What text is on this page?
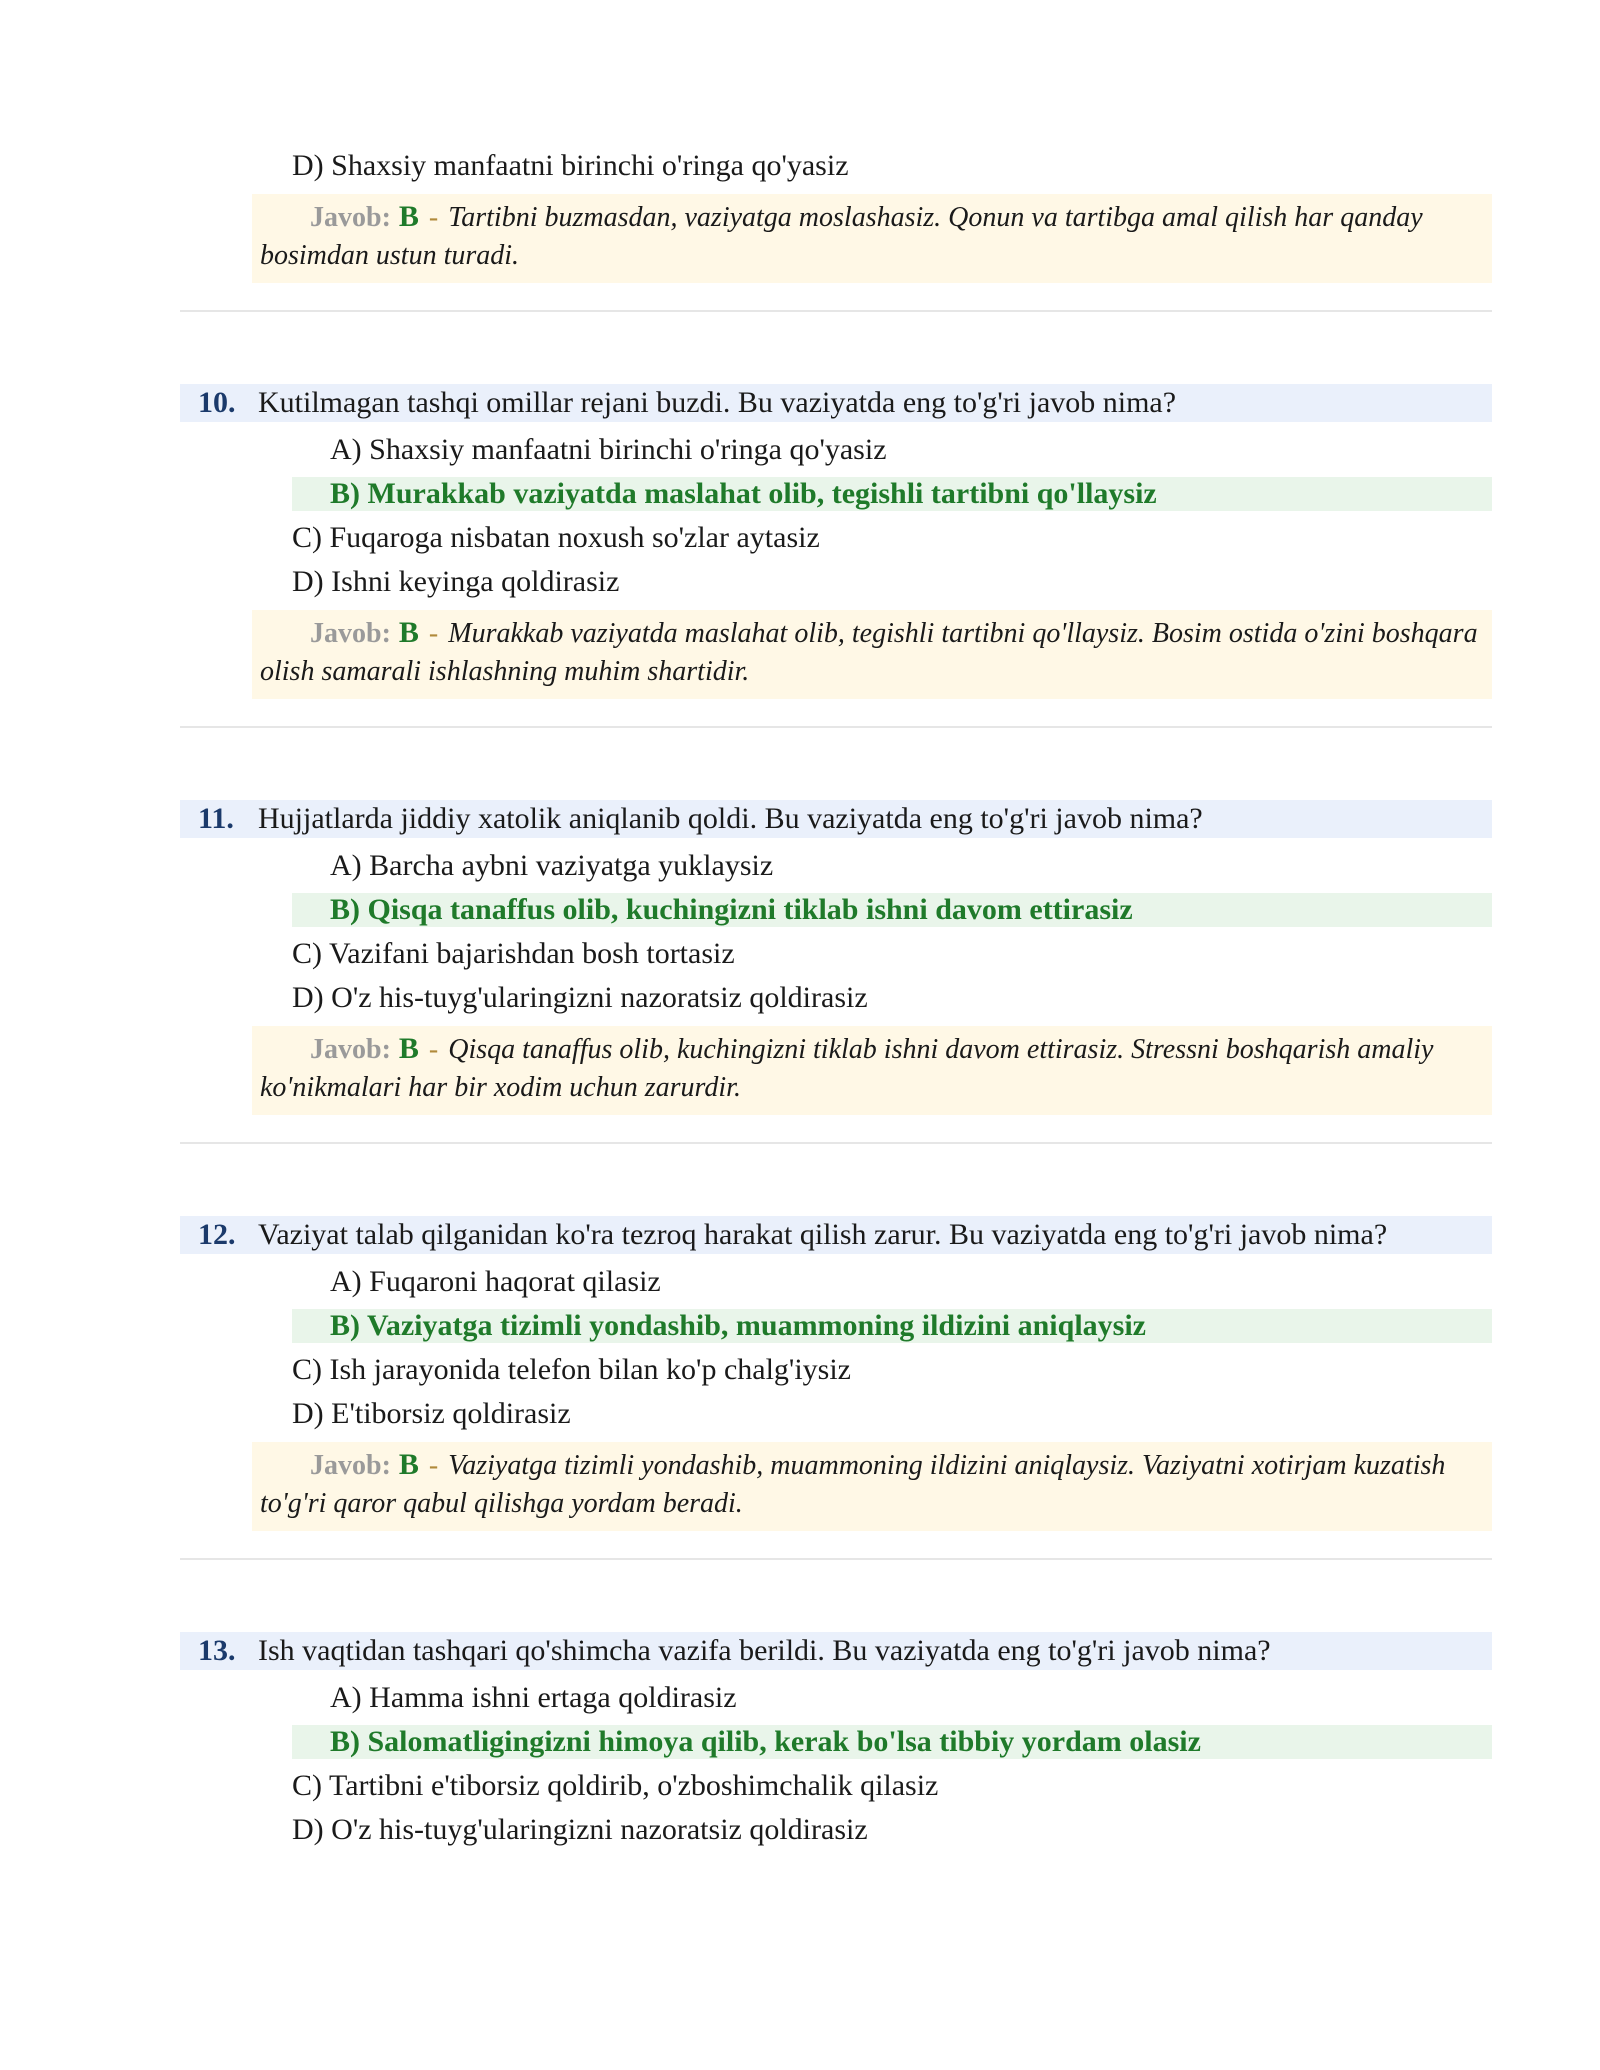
D) Shaxsiy manfaatni birinchi o'ringa qo'yasiz
Javob: B - Tartibni buzmasdan, vaziyatga moslashasiz. Qonun va tartibga amal qilish har qanday bosimdan ustun turadi.
10. Kutilmagan tashqi omillar rejani buzdi. Bu vaziyatda eng to'g'ri javob nima?
A) Shaxsiy manfaatni birinchi o'ringa qo'yasiz
B) Murakkab vaziyatda maslahat olib, tegishli tartibni qo'llaysiz
C) Fuqaroga nisbatan noxush so'zlar aytasiz
D) Ishni keyinga qoldirasiz
Javob: B - Murakkab vaziyatda maslahat olib, tegishli tartibni qo'llaysiz. Bosim ostida o'zini boshqara olish samarali ishlashning muhim shartidir.
11. Hujjatlarda jiddiy xatolik aniqlanib qoldi. Bu vaziyatda eng to'g'ri javob nima?
A) Barcha aybni vaziyatga yuklaysiz
B) Qisqa tanaffus olib, kuchingizni tiklab ishni davom ettirasiz
C) Vazifani bajarishdan bosh tortasiz
D) O'z his-tuyg'ularingizni nazoratsiz qoldirasiz
Javob: B - Qisqa tanaffus olib, kuchingizni tiklab ishni davom ettirasiz. Stressni boshqarish amaliy ko'nikmalari har bir xodim uchun zarurdir.
12. Vaziyat talab qilganidan ko'ra tezroq harakat qilish zarur. Bu vaziyatda eng to'g'ri javob nima?
A) Fuqaroni haqorat qilasiz
B) Vaziyatga tizimli yondashib, muammoning ildizini aniqlaysiz
C) Ish jarayonida telefon bilan ko'p chalg'iysiz
D) E'tiborsiz qoldirasiz
Javob: B - Vaziyatga tizimli yondashib, muammoning ildizini aniqlaysiz. Vaziyatni xotirjam kuzatish to'g'ri qaror qabul qilishga yordam beradi.
13. Ish vaqtidan tashqari qo'shimcha vazifa berildi. Bu vaziyatda eng to'g'ri javob nima?
A) Hamma ishni ertaga qoldirasiz
B) Salomatligingizni himoya qilib, kerak bo'lsa tibbiy yordam olasiz
C) Tartibni e'tiborsiz qoldirib, o'zboshimchalik qilasiz
D) O'z his-tuyg'ularingizni nazoratsiz qoldirasiz
